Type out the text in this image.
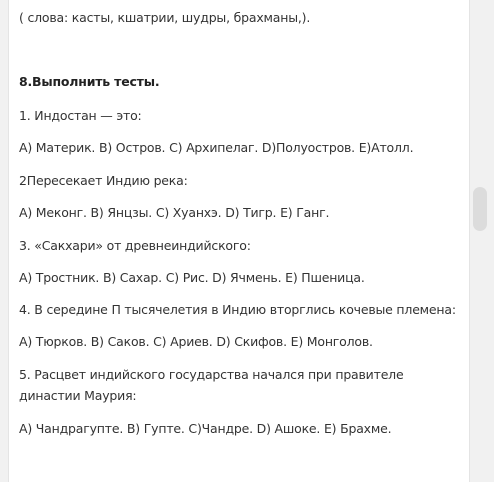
( слова: касты, кшатрии, шудры, брахманы,).
8.Выполнить тесты.
1. Индостан — это:
А) Материк. В) Остров. С) Архипелаг. D)Полуостров. Е)Атолл.
2Пересекает Индию река:
А) Меконг. В) Янцзы. С) Хуанхэ. D) Тигр. Е) Ганг.
3. «Сакхари» от древнеиндийского:
А) Тростник. В) Сахар. С) Рис. D) Ячмень. Е) Пшеница.
4. В середине П тысячелетия в Индию вторглись кочевые племена:
А) Тюрков. В) Саков. С) Ариев. D) Скифов. Е) Монголов.
5. Расцвет индийского государства начался при правителе
династии Маурия:
А) Чандрагупте. В) Гупте. С)Чандре. D) Ашоке. Е) Брахме.
